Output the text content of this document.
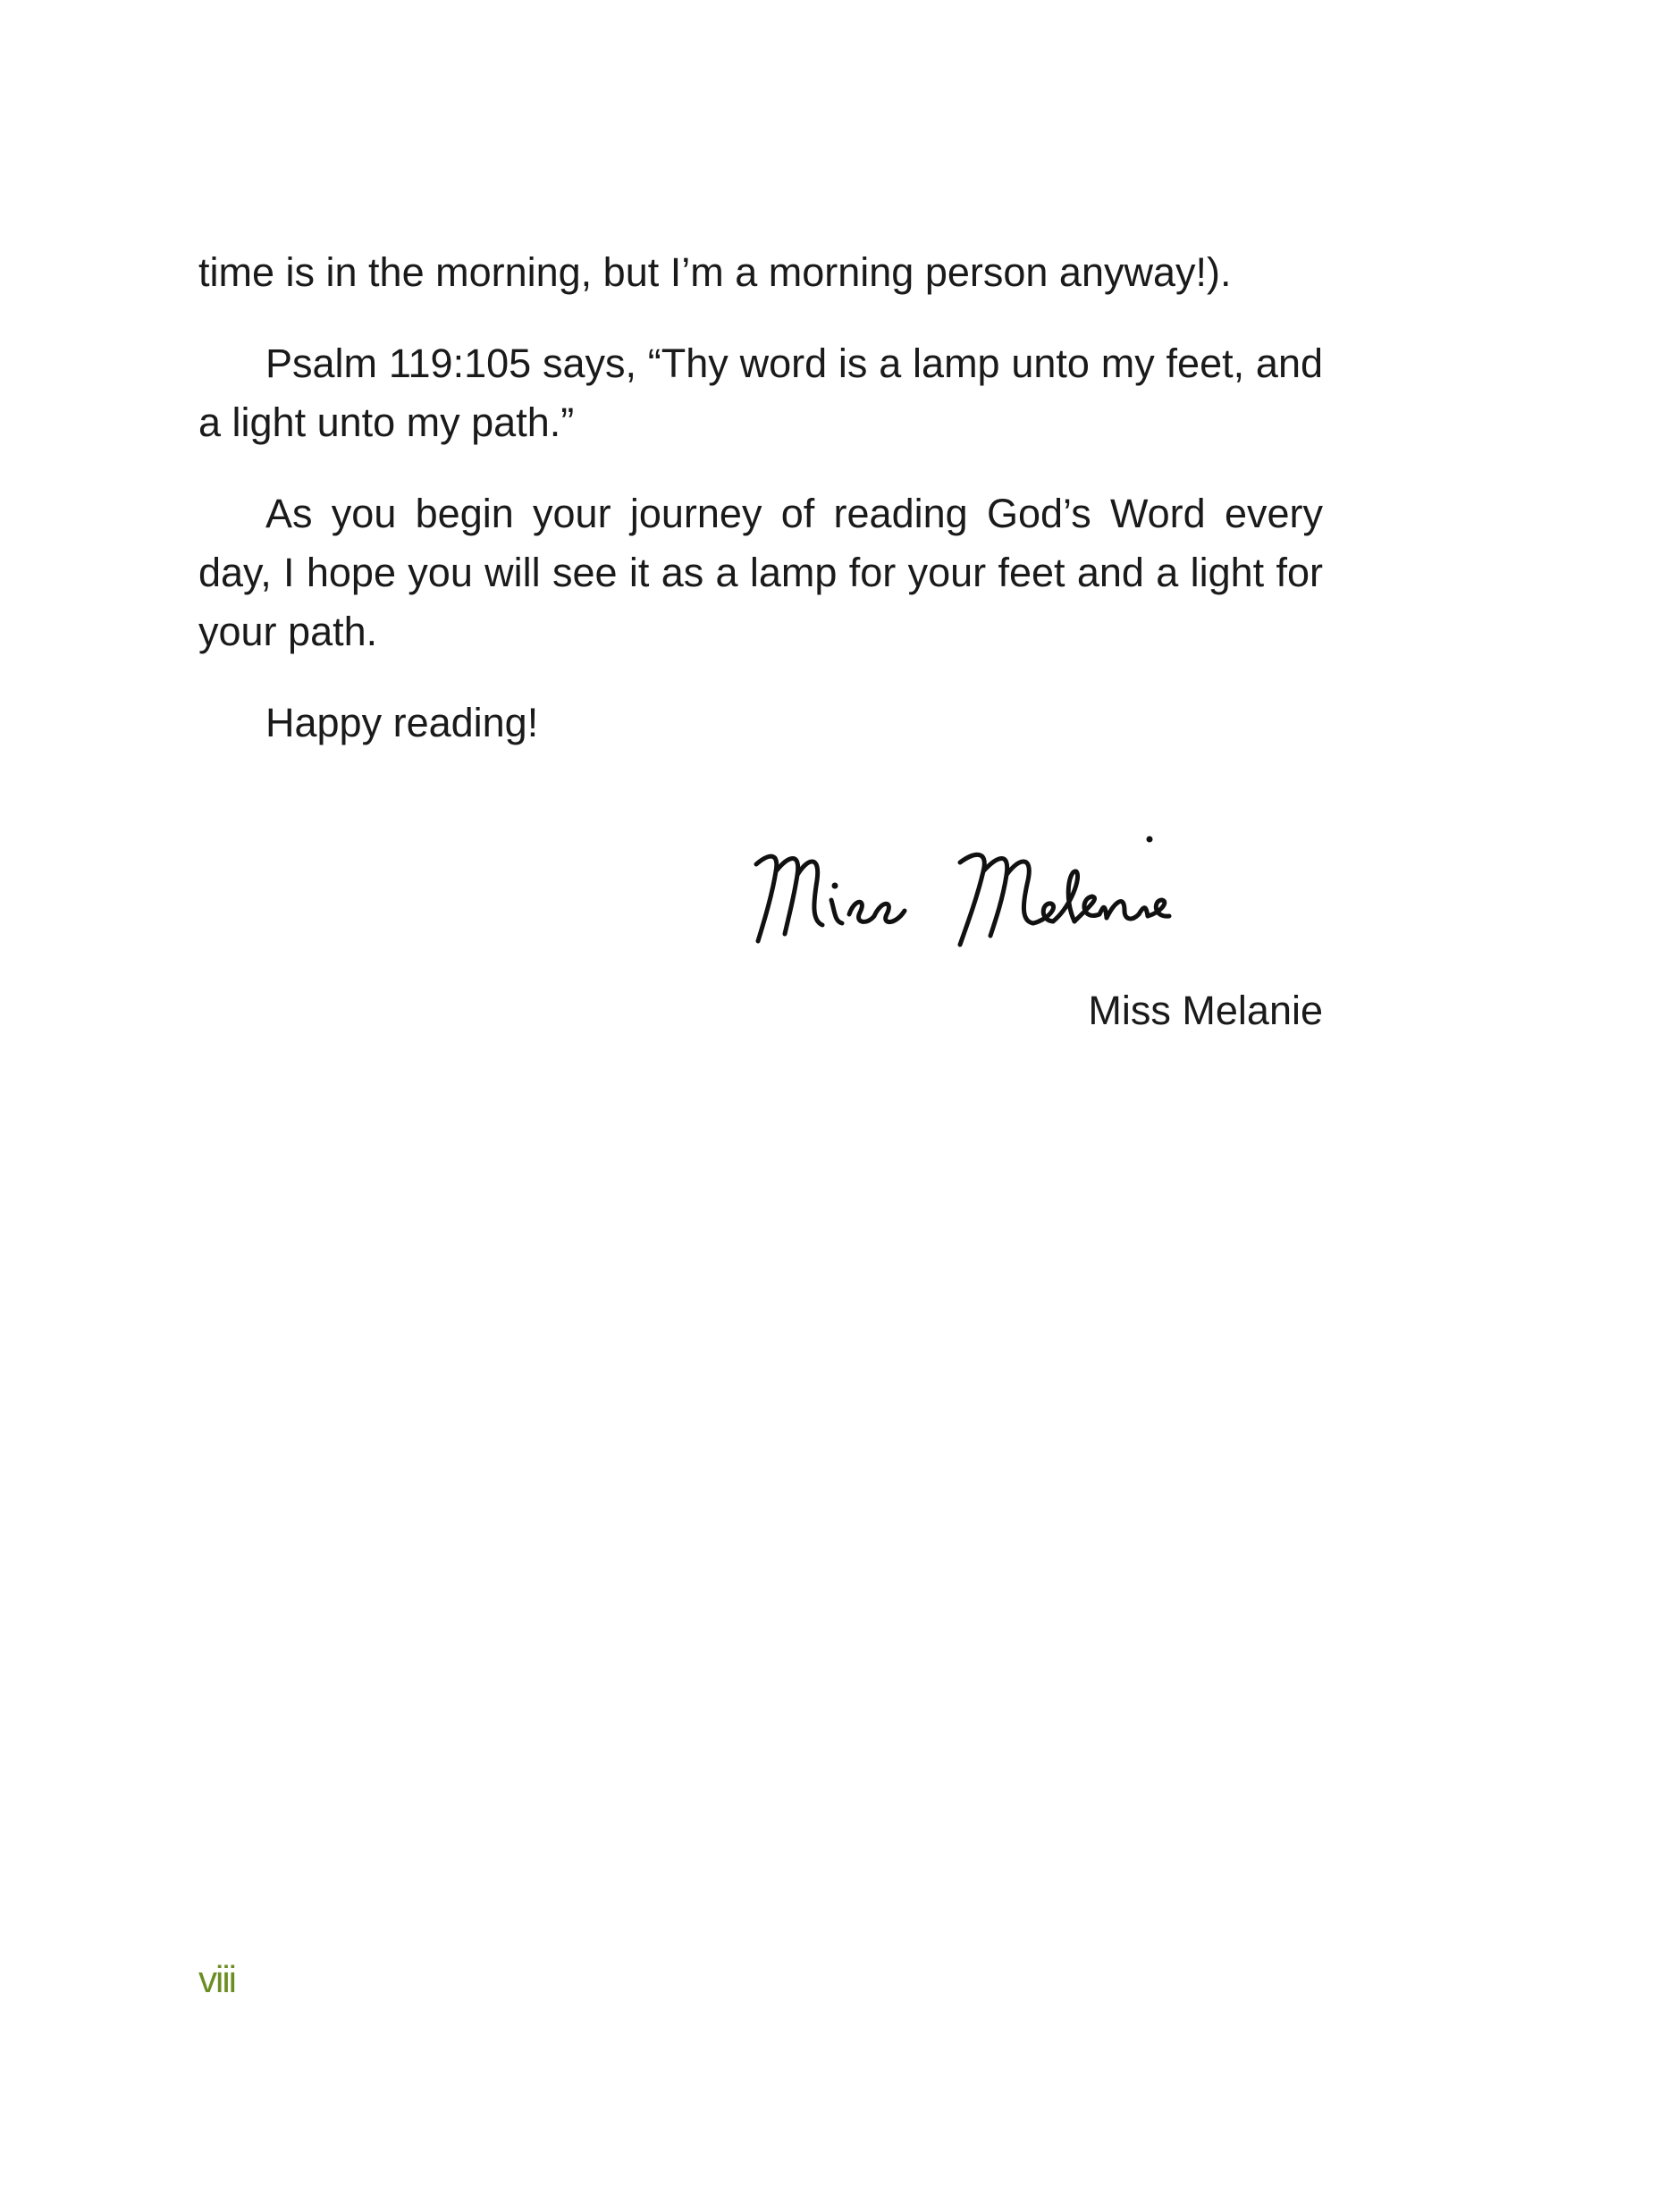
time is in the morning, but I’m a morning person anyway!).

Psalm 119:105 says, “Thy word is a lamp unto my feet, and a light unto my path.”

As you begin your journey of reading God’s Word every day, I hope you will see it as a lamp for your feet and a light for your path.

Happy reading!

Miss Melanie
viii
